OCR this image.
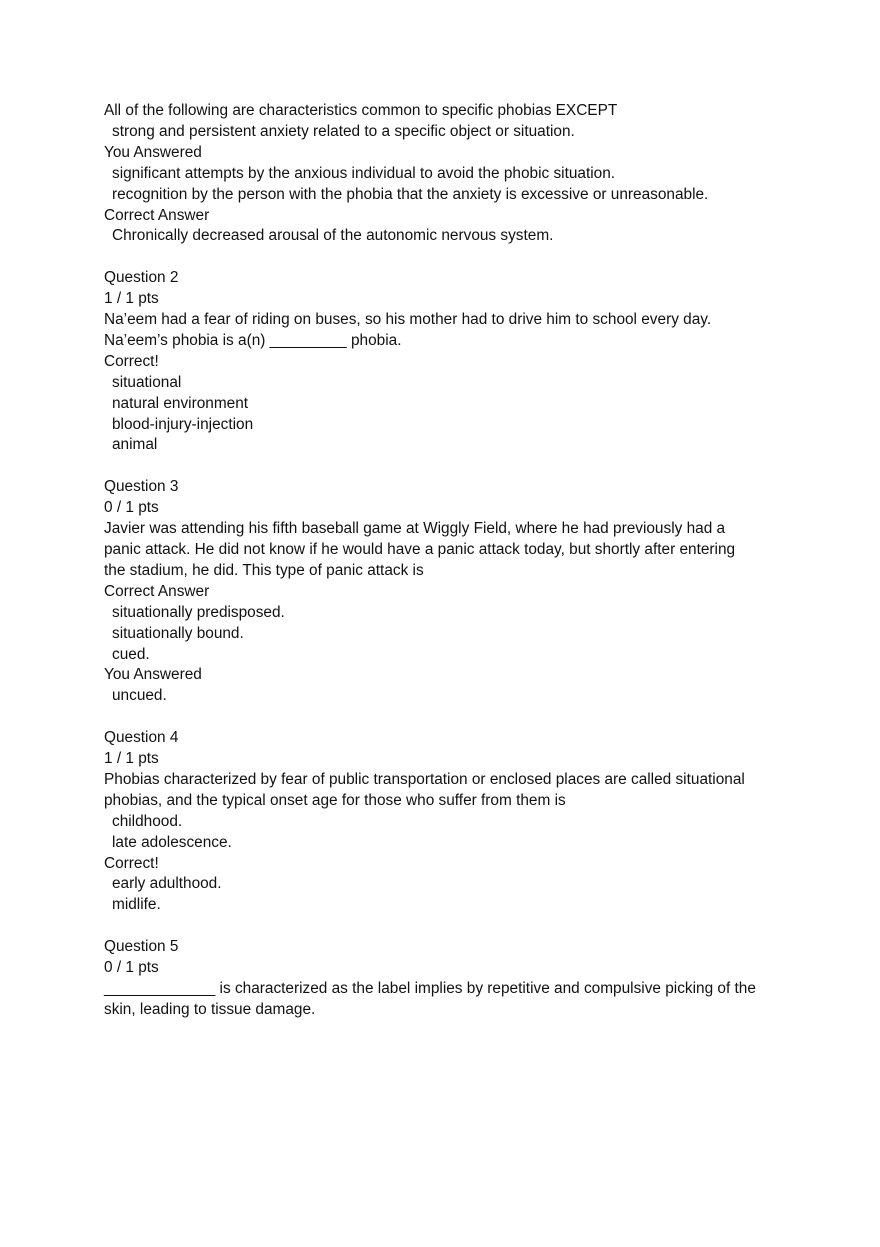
All of the following are characteristics common to specific phobias EXCEPT
strong and persistent anxiety related to a specific object or situation.
You Answered
significant attempts by the anxious individual to avoid the phobic situation.
recognition by the person with the phobia that the anxiety is excessive or unreasonable.
Correct Answer
Chronically decreased arousal of the autonomic nervous system.
Question 2
1 / 1 pts
Na’eem had a fear of riding on buses, so his mother had to drive him to school every day.
Na’eem’s phobia is a(n) _________ phobia.
Correct!
situational
natural environment
blood-injury-injection
animal
Question 3
0 / 1 pts
Javier was attending his fifth baseball game at Wiggly Field, where he had previously had a
panic attack. He did not know if he would have a panic attack today, but shortly after entering
the stadium, he did. This type of panic attack is
Correct Answer
situationally predisposed.
situationally bound.
cued.
You Answered
uncued.
Question 4
1 / 1 pts
Phobias characterized by fear of public transportation or enclosed places are called situational
phobias, and the typical onset age for those who suffer from them is
childhood.
late adolescence.
Correct!
early adulthood.
midlife.
Question 5
0 / 1 pts
_____________ is characterized as the label implies by repetitive and compulsive picking of the
skin, leading to tissue damage.
